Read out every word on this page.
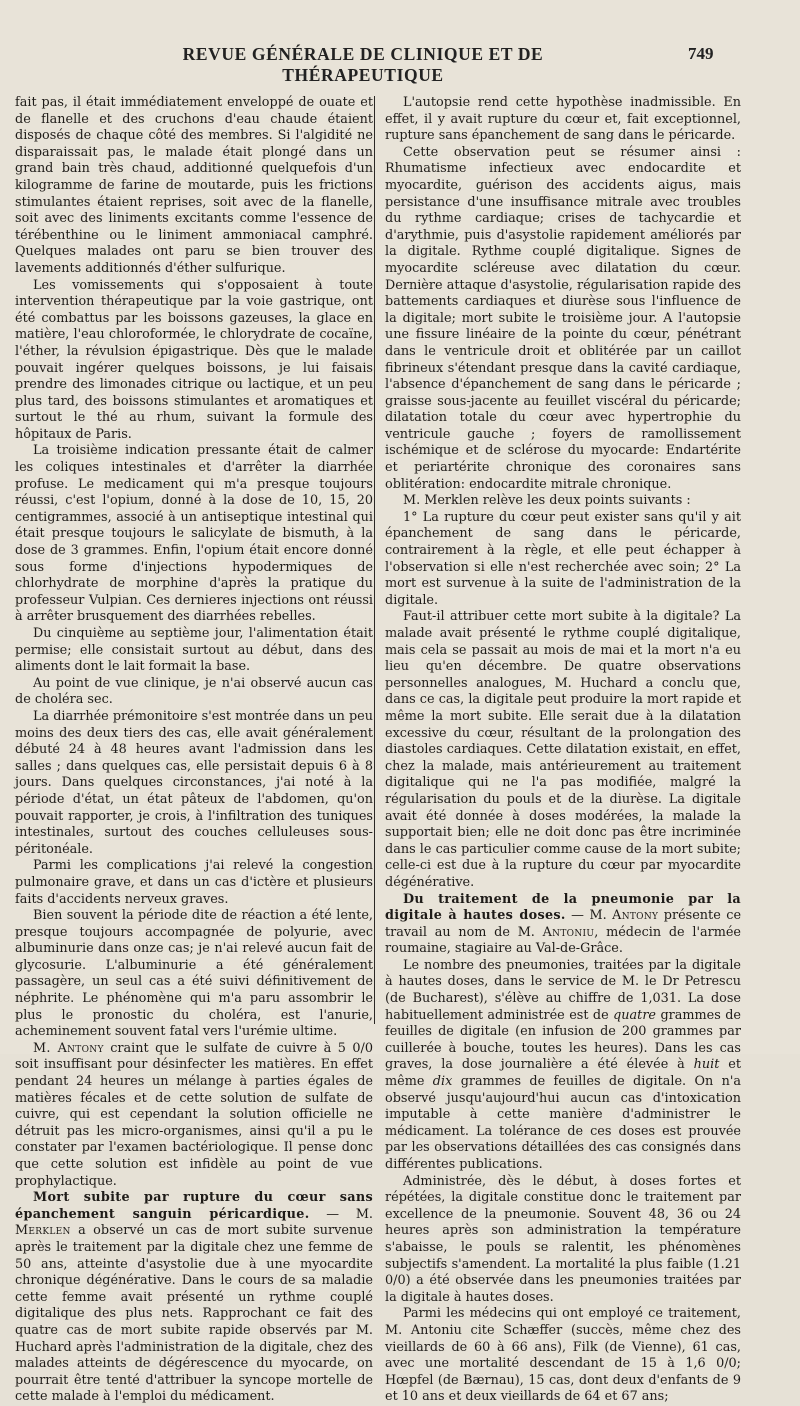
REVUE GÉNÉRALE DE CLINIQUE ET DE THÉRAPEUTIQUE
749

fait pas, il était immédiatement enveloppé de ouate et de flanelle et des cruchons d'eau chaude étaient disposés de chaque côté des membres. Si l'algidité ne disparaissait pas, le malade était plongé dans un grand bain très chaud, additionné quelquefois d'un kilogramme de farine de moutarde, puis les frictions stimulantes étaient reprises, soit avec de la flanelle, soit avec des liniments excitants comme l'essence de térébenthine ou le liniment ammoniacal camphré. Quelques malades ont paru se bien trouver des lavements additionnés d'éther sulfurique.

Les vomissements qui s'opposaient à toute intervention thérapeutique par la voie gastrique, ont été combattus par les boissons gazeuses, la glace en matière, l'eau chloroformée, le chlorydrate de cocaïne, l'éther, la révulsion épigastrique. Dès que le malade pouvait ingérer quelques boissons, je lui faisais prendre des limonades citrique ou lactique, et un peu plus tard, des boissons stimulantes et aromatiques et surtout le thé au rhum, suivant la formule des hôpitaux de Paris.

La troisième indication pressante était de calmer les coliques intestinales et d'arrêter la diarrhée profuse. Le medicament qui m'a presque toujours réussi, c'est l'opium, donné à la dose de 10, 15, 20 centigrammes, associé à un antiseptique intestinal qui était presque toujours le salicylate de bismuth, à la dose de 3 grammes. Enfin, l'opium était encore donné sous forme d'injections hypodermiques de chlorhydrate de morphine d'après la pratique du professeur Vulpian. Ces dernieres injections ont réussi à arrêter brusquement des diarrhées rebelles.

Du cinquième au septième jour, l'alimentation était permise; elle consistait surtout au début, dans des aliments dont le lait formait la base.

Au point de vue clinique, je n'ai observé aucun cas de choléra sec.

La diarrhée prémonitoire s'est montrée dans un peu moins des deux tiers des cas, elle avait généralement débuté 24 à 48 heures avant l'admission dans les salles ; dans quelques cas, elle persistait depuis 6 à 8 jours. Dans quelques circonstances, j'ai noté à la période d'état, un état pâteux de l'abdomen, qu'on pouvait rapporter, je crois, à l'infiltration des tuniques intestinales, surtout des couches celluleuses sous-péritonéale.

Parmi les complications j'ai relevé la congestion pulmonaire grave, et dans un cas d'ictère et plusieurs faits d'accidents nerveux graves.

Bien souvent la période dite de réaction a été lente, presque toujours accompagnée de polyurie, avec albuminurie dans onze cas; je n'ai relevé aucun fait de glycosurie. L'albuminurie a été généralement passagère, un seul cas a été suivi définitivement de néphrite. Le phénomène qui m'a paru assombrir le plus le pronostic du choléra, est l'anurie, acheminement souvent fatal vers l'urémie ultime.

M. Antony craint que le sulfate de cuivre à 5 0/0 soit insuffisant pour désinfecter les matières. En effet pendant 24 heures un mélange à parties égales de matières fécales et de cette solution de sulfate de cuivre, qui est cependant la solution officielle ne détruit pas les micro-organismes, ainsi qu'il a pu le constater par l'examen bactériologique. Il pense donc que cette solution est infidèle au point de vue prophylactique.

Mort subite par rupture du cœur sans épanchement sanguin péricardique. — M. Merklen a observé un cas de mort subite survenue après le traitement par la digitale chez une femme de 50 ans, atteinte d'asystolie due à une myocardite chronique dégénérative. Dans le cours de sa maladie cette femme avait présenté un rythme couplé digitalique des plus nets. Rapprochant ce fait des quatre cas de mort subite rapide observés par M. Huchard après l'administration de la digitale, chez des malades atteints de dégérescence du myocarde, on pourrait être tenté d'attribuer la syncope mortelle de cette malade à l'emploi du médicament.

L'autopsie rend cette hypothèse inadmissible. En effet, il y avait rupture du cœur et, fait exceptionnel, rupture sans épanchement de sang dans le péricarde.

Cette observation peut se résumer ainsi : Rhumatisme infectieux avec endocardite et myocardite, guérison des accidents aigus, mais persistance d'une insuffisance mitrale avec troubles du rythme cardiaque; crises de tachycardie et d'arythmie, puis d'asystolie rapidement améliorés par la digitale. Rythme couplé digitalique. Signes de myocardite scléreuse avec dilatation du cœur. Dernière attaque d'asystolie, régularisation rapide des battements cardiaques et diurèse sous l'influence de la digitale; mort subite le troisième jour. A l'autopsie une fissure linéaire de la pointe du cœur, pénétrant dans le ventricule droit et oblitérée par un caillot fibrineux s'étendant presque dans la cavité cardiaque, l'absence d'épanchement de sang dans le péricarde ; graisse sous-jacente au feuillet viscéral du péricarde; dilatation totale du cœur avec hypertrophie du ventricule gauche ; foyers de ramollissement ischémique et de sclérose du myocarde: Endartérite et periartérite chronique des coronaires sans oblitération: endocardite mitrale chronique.

M. Merklen relève les deux points suivants :

1° La rupture du cœur peut exister sans qu'il y ait épanchement de sang dans le péricarde, contrairement à la règle, et elle peut échapper à l'observation si elle n'est recherchée avec soin; 2° La mort est survenue à la suite de l'administration de la digitale.

Faut-il attribuer cette mort subite à la digitale? La malade avait présenté le rythme couplé digitalique, mais cela se passait au mois de mai et la mort n'a eu lieu qu'en décembre. De quatre observations personnelles analogues, M. Huchard a conclu que, dans ce cas, la digitale peut produire la mort rapide et même la mort subite. Elle serait due à la dilatation excessive du cœur, résultant de la prolongation des diastoles cardiaques. Cette dilatation existait, en effet, chez la malade, mais antérieurement au traitement digitalique qui ne l'a pas modifiée, malgré la régularisation du pouls et de la diurèse. La digitale avait été donnée à doses modérées, la malade la supportait bien; elle ne doit donc pas être incriminée dans le cas particulier comme cause de la mort subite; celle-ci est due à la rupture du cœur par myocardite dégénérative.

Du traitement de la pneumonie par la digitale à hautes doses. — M. Antony présente ce travail au nom de M. Antoniu, médecin de l'armée roumaine, stagiaire au Val-de-Grâce.

Le nombre des pneumonies, traitées par la digitale à hautes doses, dans le service de M. le Dr Petrescu (de Bucharest), s'élève au chiffre de 1,031. La dose habituellement administrée est de quatre grammes de feuilles de digitale (en infusion de 200 grammes par cuillerée à bouche, toutes les heures). Dans les cas graves, la dose journalière a été élevée à huit et même dix grammes de feuilles de digitale. On n'a observé jusqu'aujourd'hui aucun cas d'intoxication imputable à cette manière d'administrer le médicament. La tolérance de ces doses est prouvée par les observations détaillées des cas consignés dans différentes publications.

Administrée, dès le début, à doses fortes et répétées, la digitale constitue donc le traitement par excellence de la pneumonie. Souvent 48, 36 ou 24 heures après son administration la température s'abaisse, le pouls se ralentit, les phénomènes subjectifs s'amendent. La mortalité la plus faible (1.21 0/0) a été observée dans les pneumonies traitées par la digitale à hautes doses.

Parmi les médecins qui ont employé ce traitement, M. Antoniu cite Schæffer (succès, même chez des vieillards de 60 à 66 ans), Filk (de Vienne), 61 cas, avec une mortalité descendant de 15 à 1,6 0/0; Hœpfel (de Bærnau), 15 cas, dont deux d'enfants de 9 et 10 ans et deux vieillards de 64 et 67 ans;
